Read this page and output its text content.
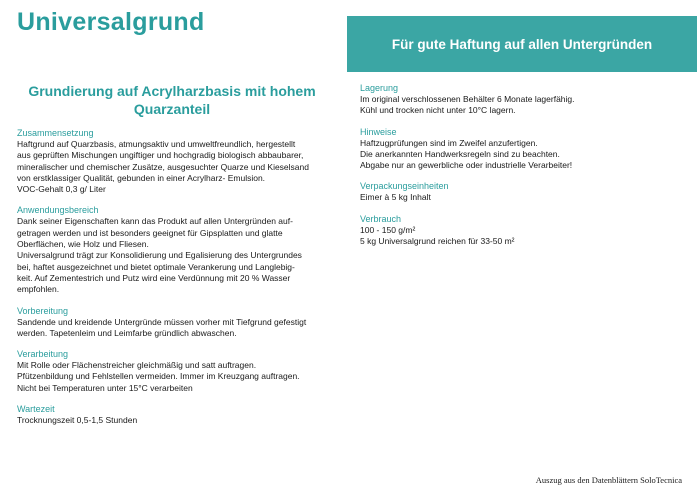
Universalgrund
Für gute Haftung auf allen Untergründen
Grundierung auf Acrylharzbasis mit hohem Quarzanteil

Zusammensetzung

Haftgrund auf Quarzbasis, atmungsaktiv und umweltfreundlich, hergestellt
aus geprüften Mischungen ungiftiger und hochgradig biologisch abbaubarer,
mineralischer und chemischer Zusätze, ausgesuchter Quarze und Kieselsand
von erstklassiger Qualität, gebunden in einer Acrylharz- Emulsion.
VOC-Gehalt 0,3 g/ Liter

Anwendungsbereich

Dank seiner Eigenschaften kann das Produkt auf allen Untergründen auf-
getragen werden und ist besonders geeignet für Gipsplatten und glatte
Oberflächen, wie Holz und Fliesen.
Universalgrund trägt zur Konsolidierung und Egalisierung des Untergrundes
bei, haftet ausgezeichnet und bietet optimale Verankerung und Langlebig-
keit. Auf Zementestrich und Putz wird eine Verdünnung mit 20 % Wasser
empfohlen.

Vorbereitung

Sandende und kreidende Untergründe müssen vorher mit Tiefgrund gefestigt
werden. Tapetenleim und Leimfarbe gründlich abwaschen.

Verarbeitung

Mit Rolle oder Flächenstreicher gleichmäßig und satt auftragen.
Pfützenbildung und Fehlstellen vermeiden. Immer im Kreuzgang auftragen.
Nicht bei Temperaturen unter 15°C verarbeiten

Wartezeit

Trocknungszeit 0,5-1,5 Stunden

Lagerung

Im original verschlossenen Behälter 6 Monate lagerfähig.
Kühl und trocken nicht unter 10°C lagern.

Hinweise

Haftzugprüfungen sind im Zweifel anzufertigen.
Die anerkannten Handwerksregeln sind zu beachten.
Abgabe nur an gewerbliche oder industrielle Verarbeiter!

Verpackungseinheiten

Eimer à 5 kg Inhalt

Verbrauch

100 - 150 g/m²
5 kg Universalgrund reichen für 33-50 m²

Auszug aus den Datenblättern SoloTecnica
